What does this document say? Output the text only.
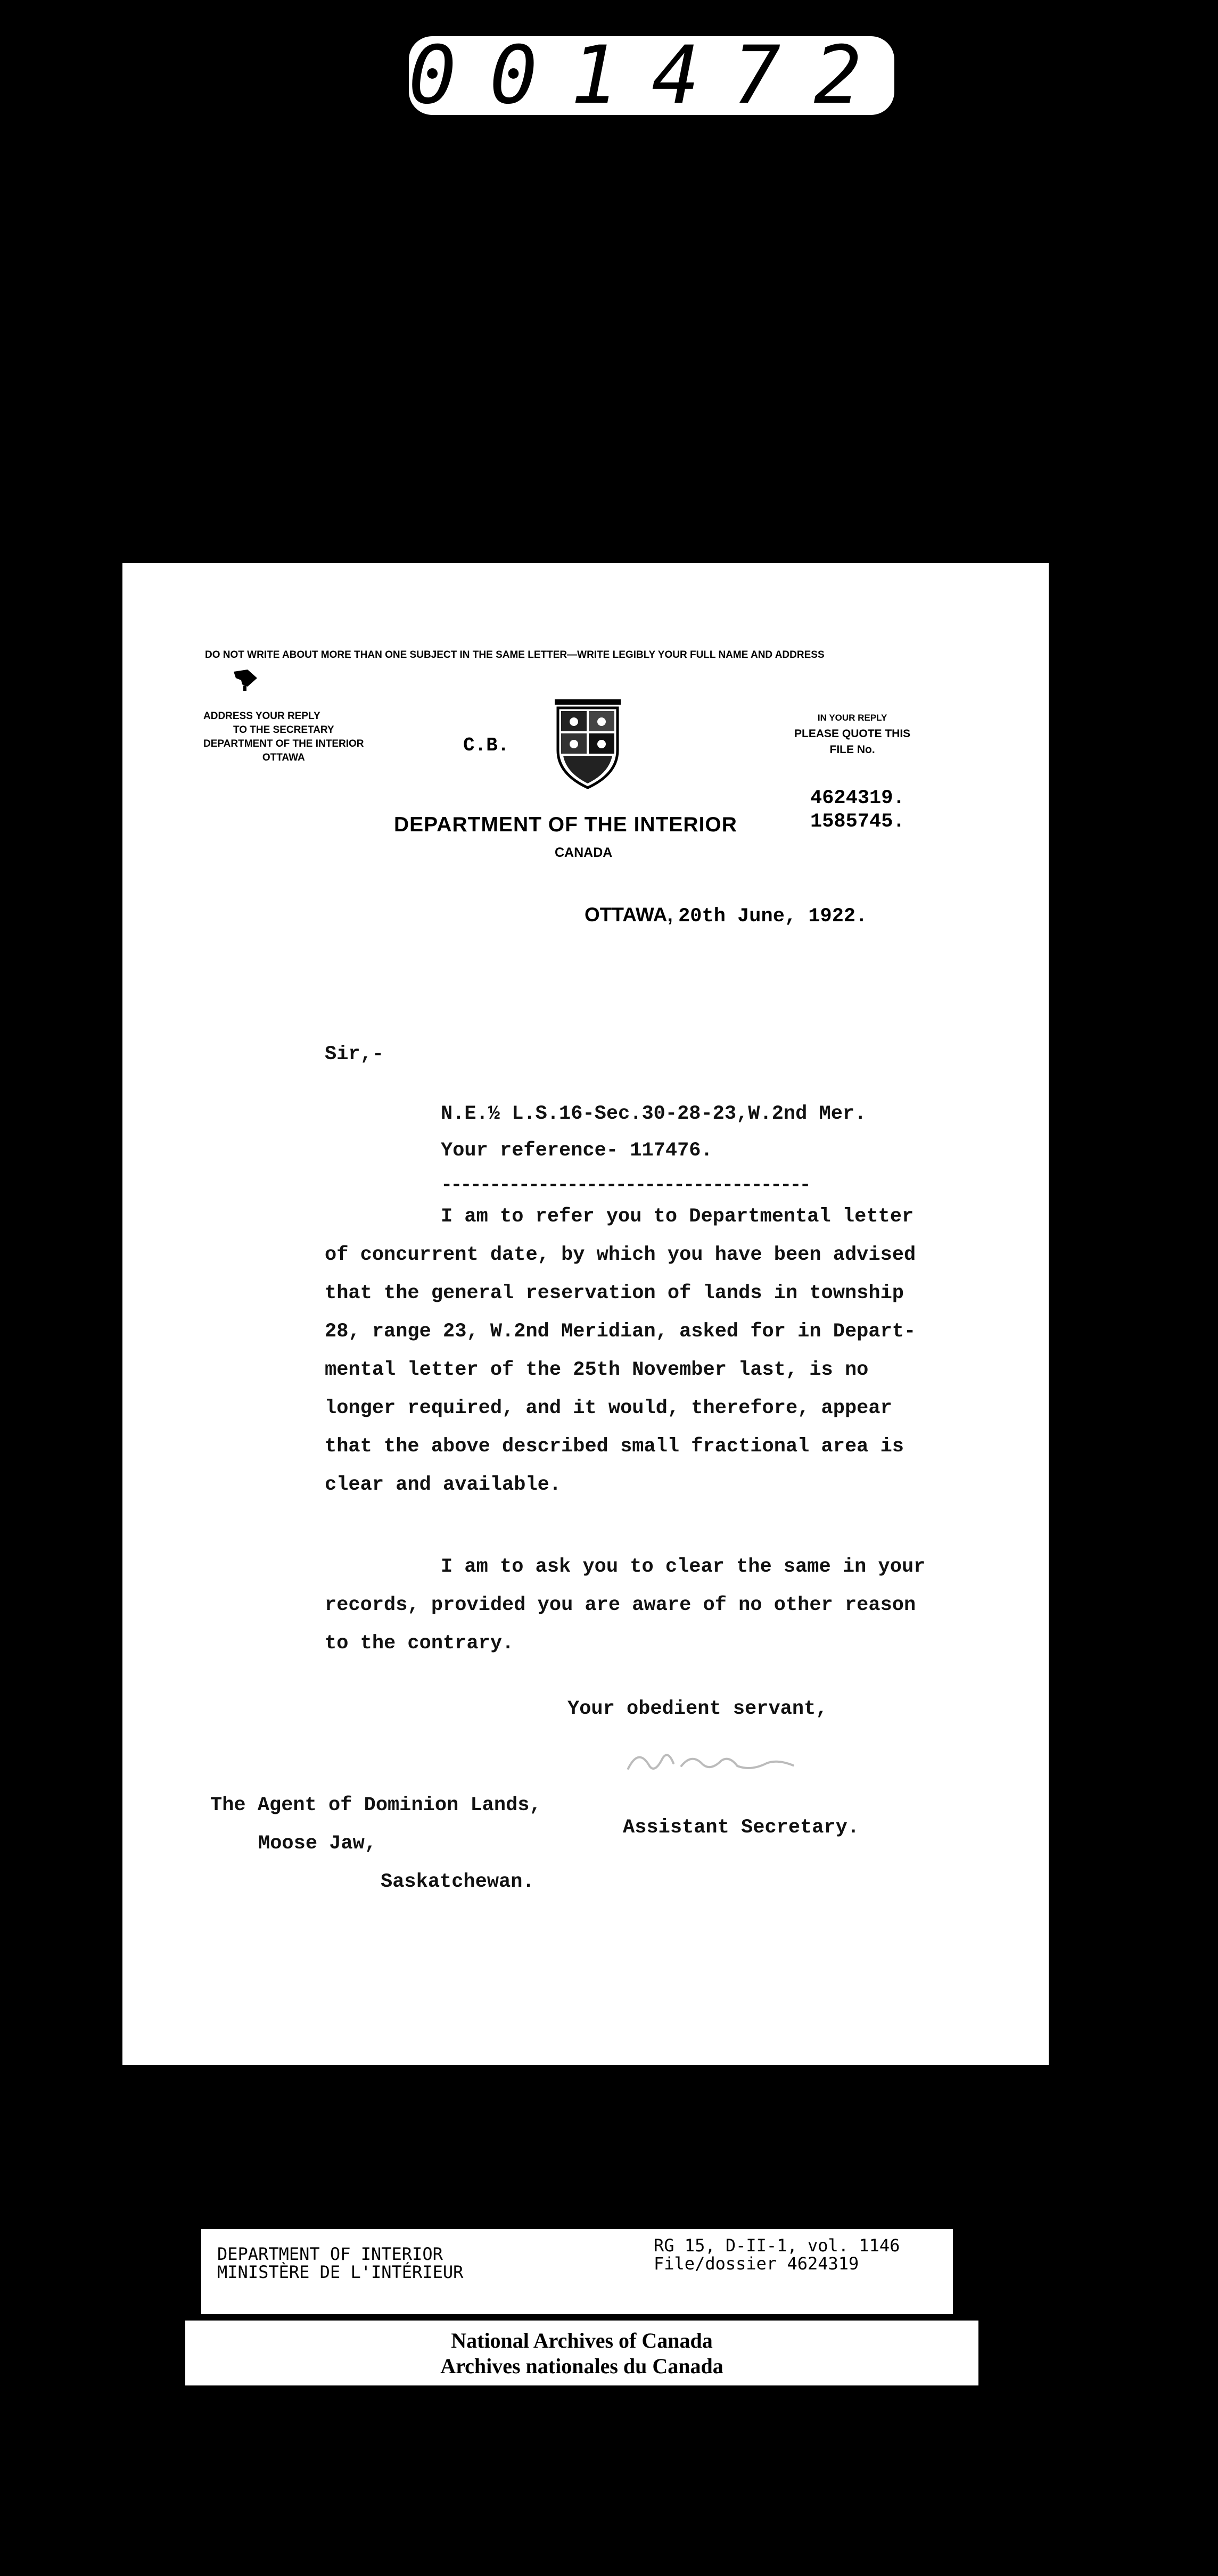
001472
DO NOT WRITE ABOUT MORE THAN ONE SUBJECT IN THE SAME LETTER—WRITE LEGIBLY YOUR FULL NAME AND ADDRESS
ADDRESS YOUR REPLY
TO THE SECRETARY
DEPARTMENT OF THE INTERIOR
OTTAWA
C.B.
IN YOUR REPLY
PLEASE QUOTE THIS
FILE No.
DEPARTMENT OF THE INTERIOR
CANADA
4624319.
1585745.
OTTAWA, 20th June, 1922.
Sir,-
N.E.½ L.S.16-Sec.30-28-23,W.2nd Mer.
Your reference- 117476.
--------------------------------------
I am to refer you to Departmental letter
of concurrent date, by which you have been advised
that the general reservation of lands in township
28, range 23, W.2nd Meridian, asked for in Depart-
mental letter of the 25th November last, is no
longer required, and it would, therefore, appear
that the above described small fractional area is
clear and available.
I am to ask you to clear the same in your
records, provided you are aware of no other reason
to the contrary.
Your obedient servant,
The Agent of Dominion Lands,
Moose Jaw,
Saskatchewan.
Assistant Secretary.
DEPARTMENT OF INTERIOR
MINISTÈRE DE L'INTÉRIEUR
RG 15, D-II-1, vol. 1146
File/dossier 4624319
National Archives of Canada
Archives nationales du Canada
